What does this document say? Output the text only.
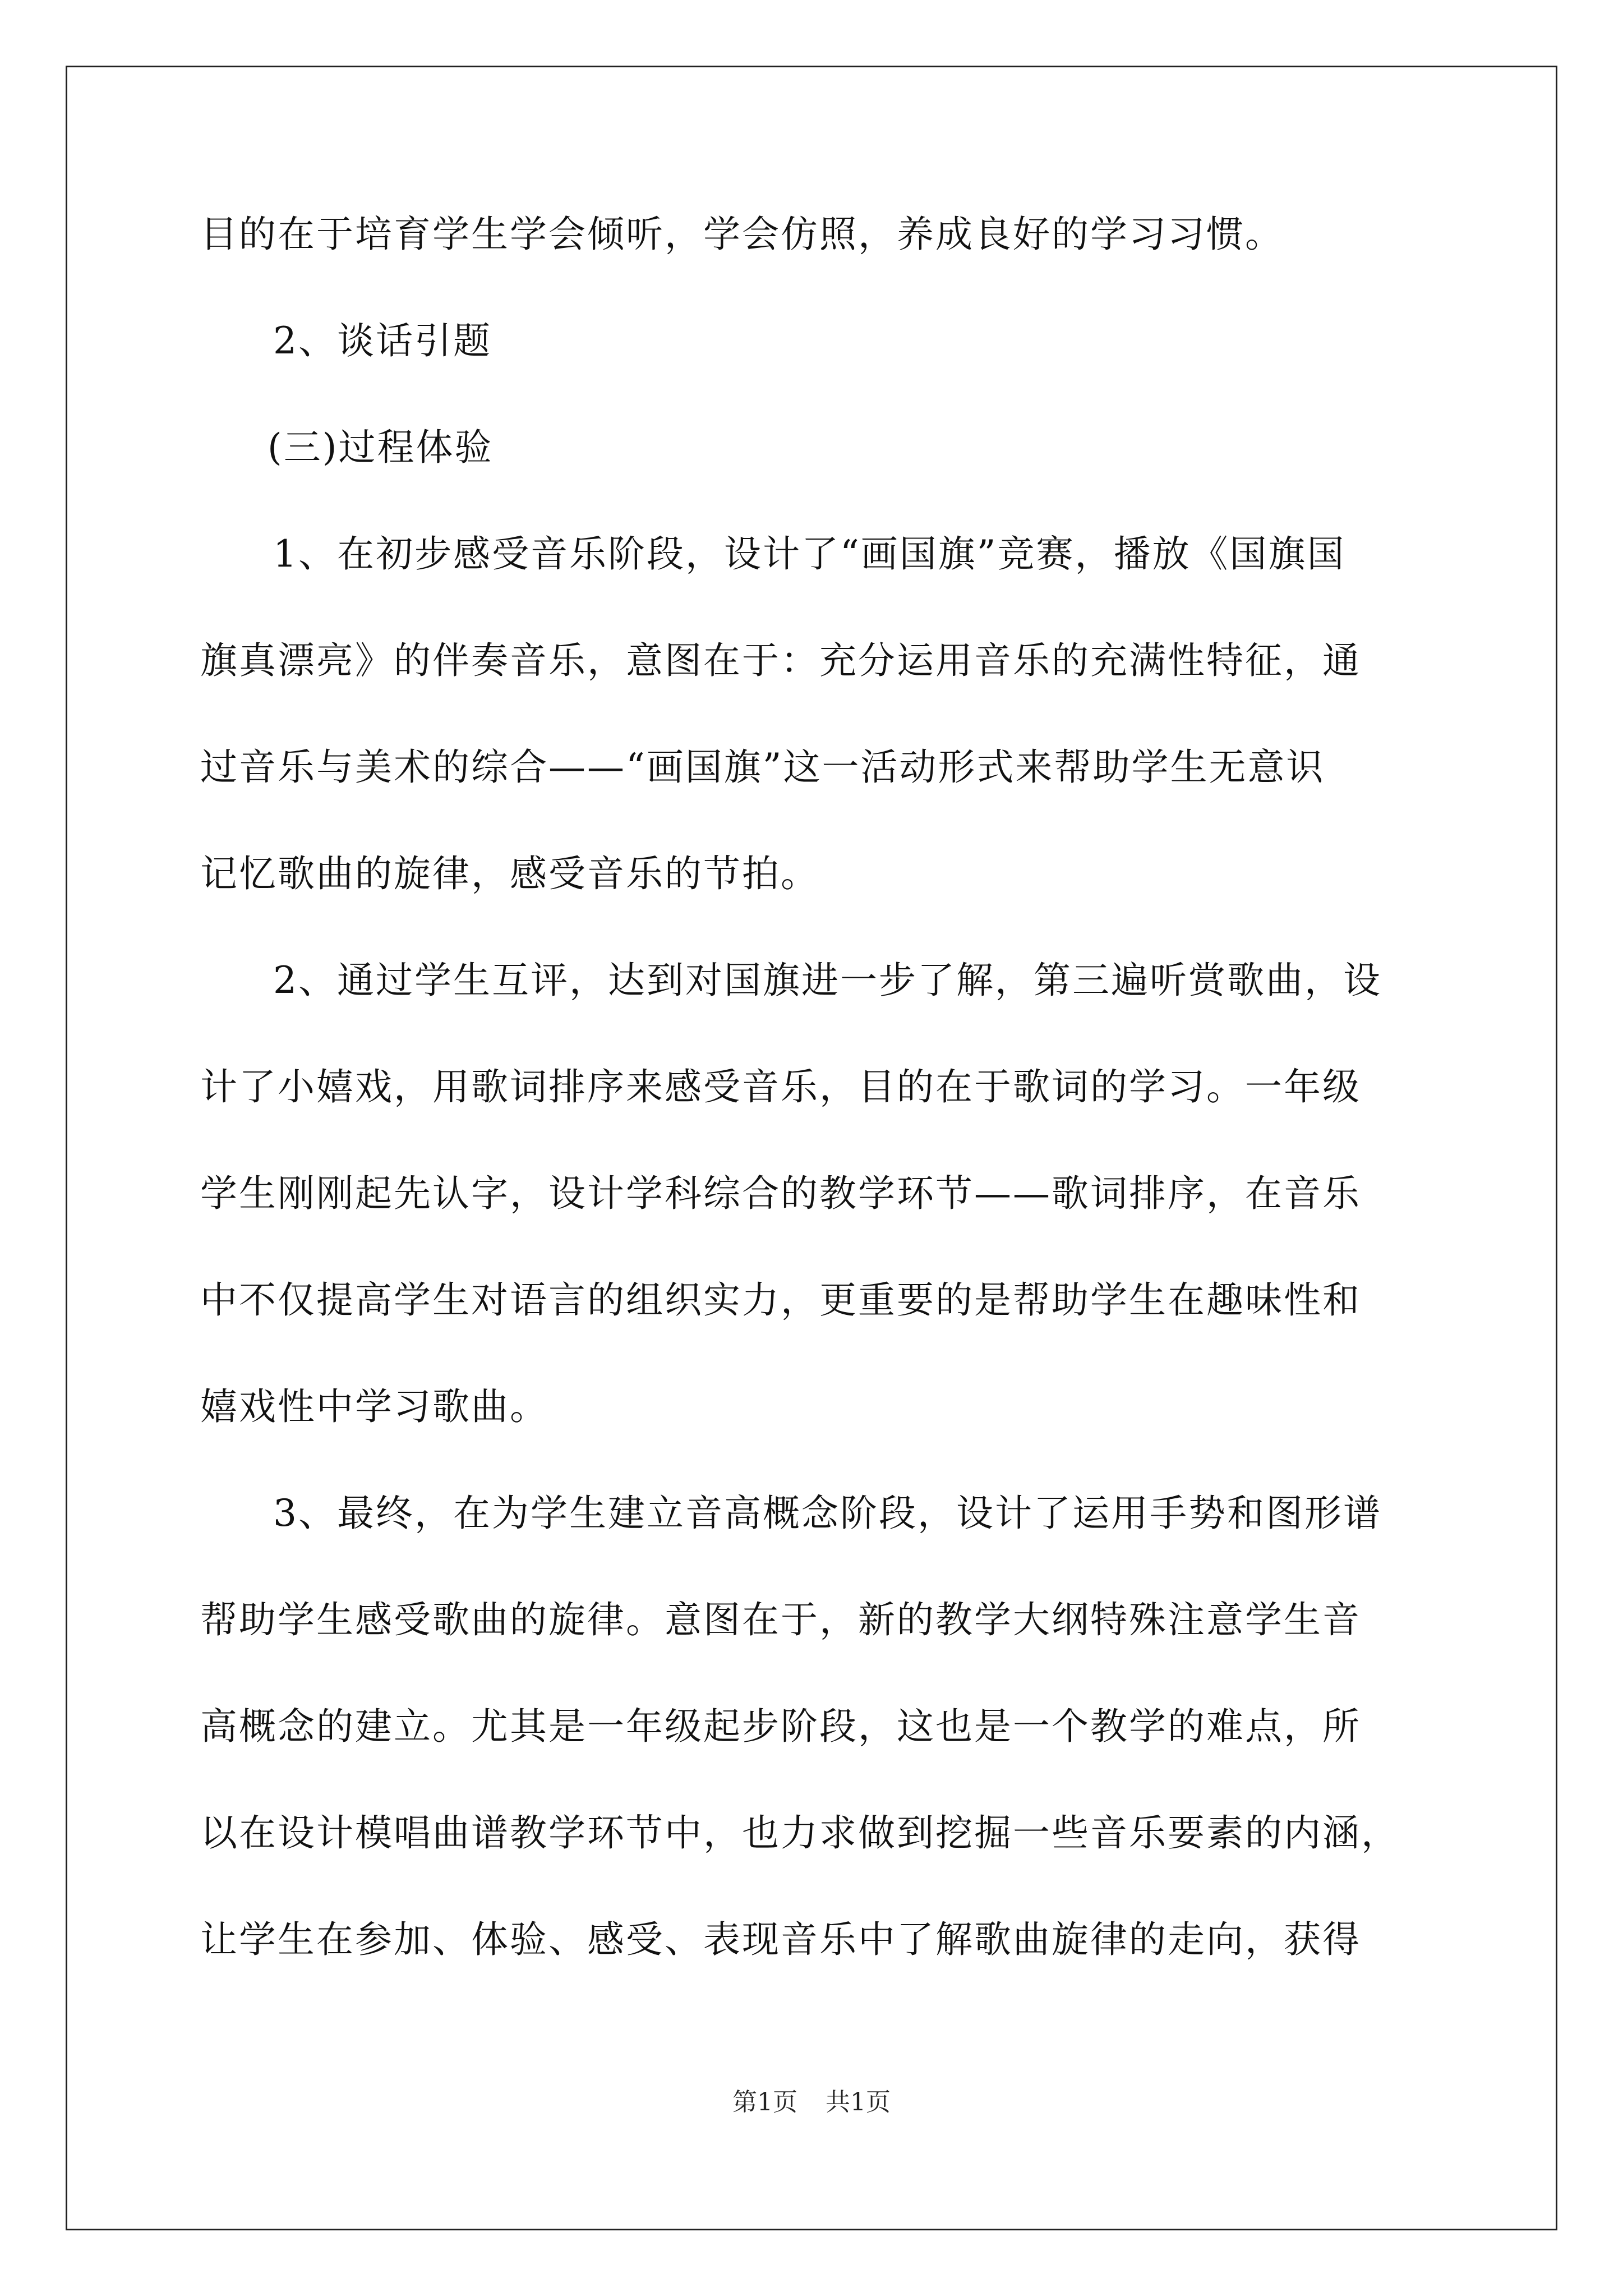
目的在于培育学生学会倾听，学会仿照，养成良好的学习习惯。
2、谈话引题
(三)过程体验
1、在初步感受音乐阶段，设计了“画国旗”竞赛，播放《国旗国
旗真漂亮》的伴奏音乐，意图在于：充分运用音乐的充满性特征，通
过音乐与美术的综合——“画国旗”这一活动形式来帮助学生无意识
记忆歌曲的旋律，感受音乐的节拍。
2、通过学生互评，达到对国旗进一步了解，第三遍听赏歌曲，设
计了小嬉戏，用歌词排序来感受音乐，目的在于歌词的学习。一年级
学生刚刚起先认字，设计学科综合的教学环节——歌词排序，在音乐
中不仅提高学生对语言的组织实力，更重要的是帮助学生在趣味性和
嬉戏性中学习歌曲。
3、最终，在为学生建立音高概念阶段，设计了运用手势和图形谱
帮助学生感受歌曲的旋律。意图在于，新的教学大纲特殊注意学生音
高概念的建立。尤其是一年级起步阶段，这也是一个教学的难点，所
以在设计模唱曲谱教学环节中，也力求做到挖掘一些音乐要素的内涵，
让学生在参加、体验、感受、表现音乐中了解歌曲旋律的走向，获得
第1页 共1页
